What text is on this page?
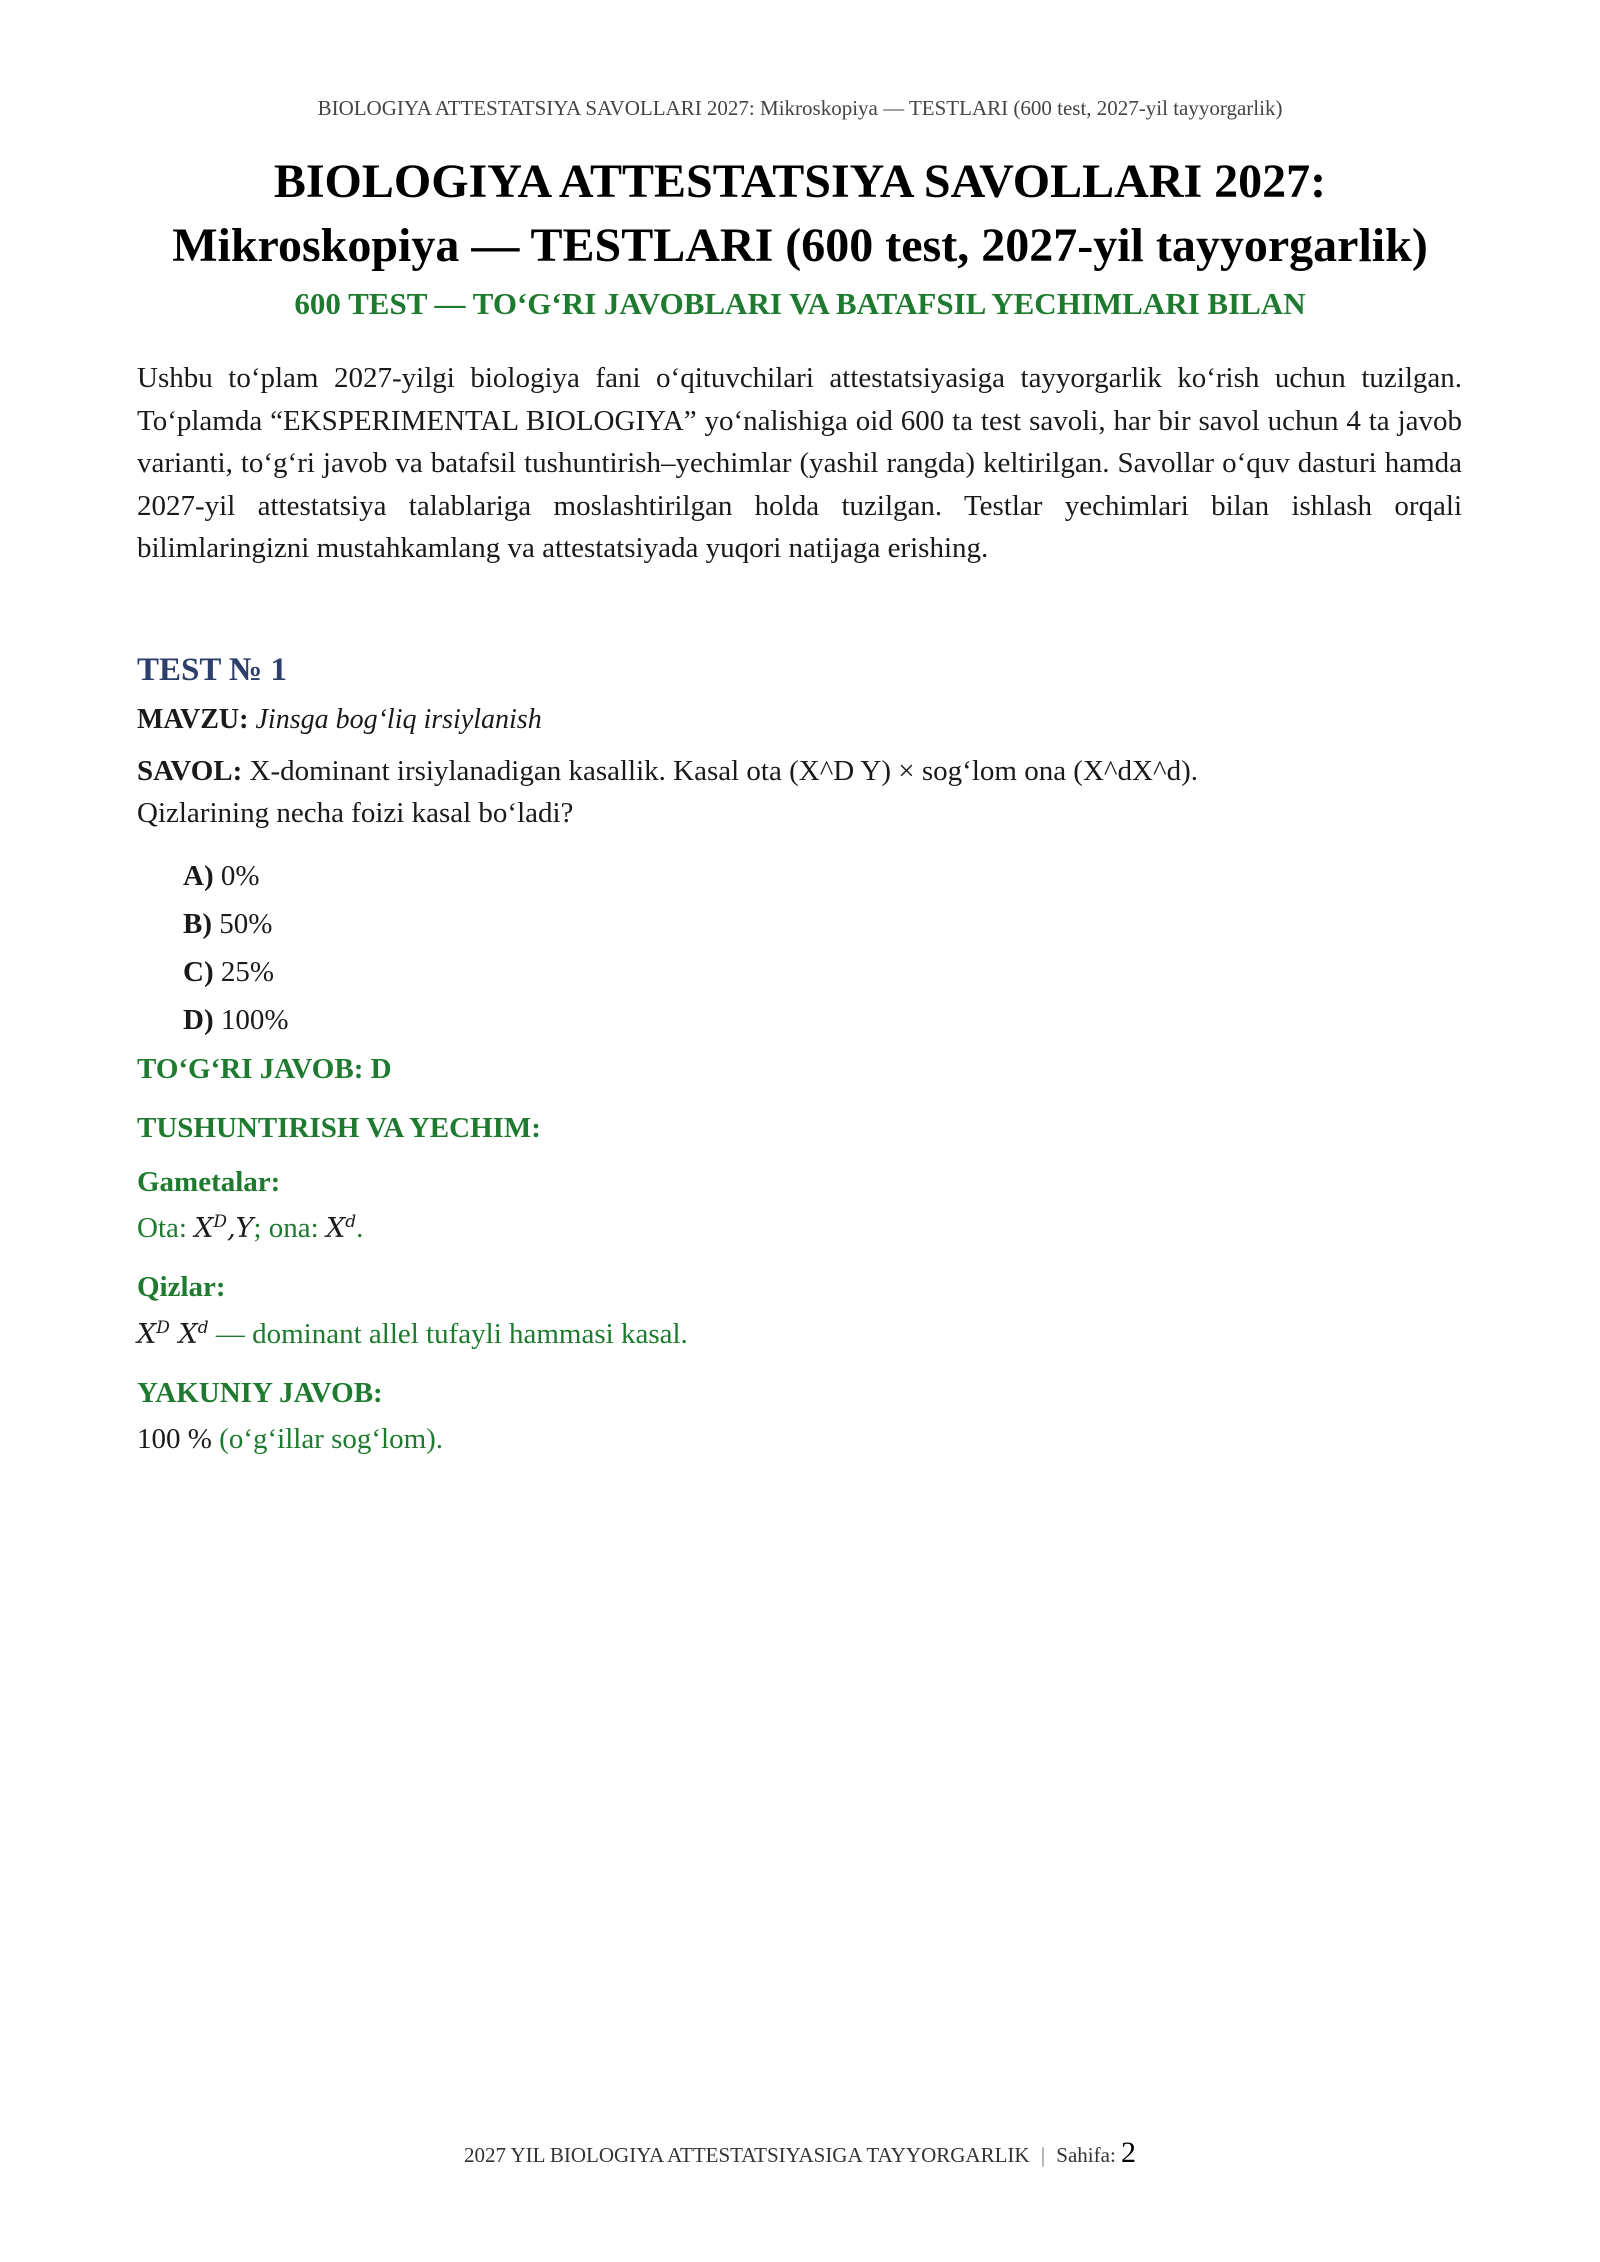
BIOLOGIYA ATTESTATSIYA SAVOLLARI 2027: Mikroskopiya — TESTLARI (600 test, 2027-yil tayyorgarlik)
BIOLOGIYA ATTESTATSIYA SAVOLLARI 2027:
Mikroskopiya — TESTLARI (600 test, 2027-yil tayyorgarlik)
600 TEST — TO‘G‘RI JAVOBLARI VA BATAFSIL YECHIMLARI BILAN
Ushbu to‘plam 2027-yilgi biologiya fani o‘qituvchilari attestatsiyasiga tayyorgarlik ko‘rish uchun tuzilgan. To‘plamda “EKSPERIMENTAL BIOLOGIYA” yo‘nalishiga oid 600 ta test savoli, har bir savol uchun 4 ta javob varianti, to‘g‘ri javob va batafsil tushuntirish–yechimlar (yashil rangda) keltirilgan. Savollar o‘quv dasturi hamda 2027-yil attestatsiya talablariga moslashtirilgan holda tuzilgan. Testlar yechimlari bilan ishlash orqali bilimlaringizni mustahkamlang va attestatsiyada yuqori natijaga erishing.
TEST № 1
MAVZU: Jinsga bog‘liq irsiylanish
SAVOL: X-dominant irsiylanadigan kasallik. Kasal ota (X^D Y) × sog‘lom ona (X^dX^d).
Qizlarining necha foizi kasal bo‘ladi?
A) 0%
B) 50%
C) 25%
D) 100%
TO‘G‘RI JAVOB: D
TUSHUNTIRISH VA YECHIM:
Gametalar:
Ota: $X^D,Y$; ona: $X^d$.
Qizlar:
$X^D$ $X^d$ — dominant allel tufayli hammasi kasal.
YAKUNIY JAVOB:
100 % (o‘g‘illar sog‘lom).
2027 YIL BIOLOGIYA ATTESTATSIYASIGA TAYYORGARLIK | Sahifa: 2
